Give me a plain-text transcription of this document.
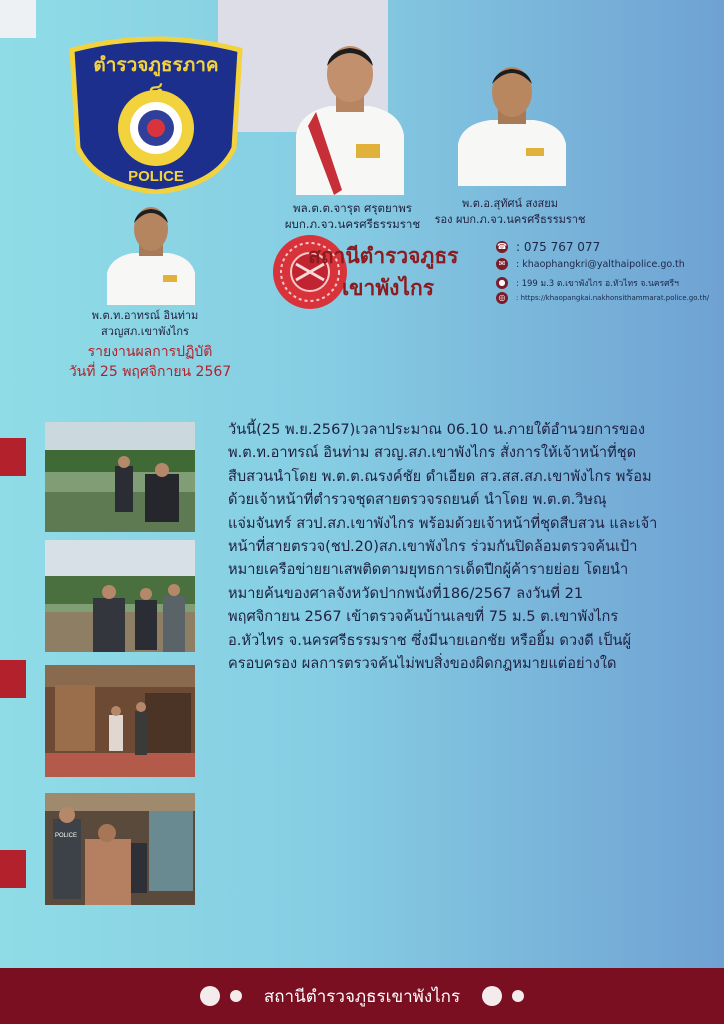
ตำรวจภูธรภาค
๘
POLICE
พล.ต.ต.จารุต ศรุตยาพร
ผบก.ภ.จว.นครศรีธรรมราช
พ.ต.อ.สุทัศน์ สงสยม
รอง ผบก.ภ.จว.นครศรีธรรมราช
พ.ต.ท.อาทรณ์ อินท่าม
สวญสภ.เขาพังไกร
รายงานผลการปฏิบัติ
วันที่ 25 พฤศจิกายน 2567
สถานีตำรวจภูธร
เขาพังไกร
☎ : 075 767 077
✉ : khaophangkri@yalthaipolice.go.th
● : 199 ม.3 ต.เขาพังไกร อ.หัวไทร จ.นครศรีฯ
◎	: https://khaopangkai.nakhonsithammarat.police.go.th/
POLICE
วันนี้(25 พ.ย.2567)เวลาประมาณ 06.10 น.ภายใต้อำนวยการของ พ.ต.ท.อาทรณ์ อินท่าม สวญ.สภ.เขาพังไกร สั่งการให้เจ้าหน้าที่ชุดสืบสวนนำโดย พ.ต.ต.ณรงค์ชัย ดำเอียด สว.สส.สภ.เขาพังไกร พร้อมด้วยเจ้าหน้าที่ตำรวจชุดสายตรวจรถยนต์ นำโดย พ.ต.ต.วิษณุ แจ่มจันทร์ สวป.สภ.เขาพังไกร พร้อมด้วยเจ้าหน้าที่ชุดสืบสวน และเจ้าหน้าที่สายตรวจ(ชป.20)สภ.เขาพังไกร ร่วมกันปิดล้อมตรวจค้นเป้าหมายเครือข่ายยาเสพติดตามยุทธการเด็ดปีกผู้ค้ารายย่อย โดยนำหมายค้นของศาลจังหวัดปากพนังที่186/2567 ลงวันที่ 21 พฤศจิกายน 2567 เข้าตรวจค้นบ้านเลขที่ 75 ม.5 ต.เขาพังไกร อ.หัวไทร จ.นครศรีธรรมราช ซึ่งมีนายเอกชัย หรือยิ้ม ดวงดี เป็นผู้ครอบครอง ผลการตรวจค้นไม่พบสิ่งของผิดกฎหมายแต่อย่างใด
สถานีตำรวจภูธรเขาพังไกร
